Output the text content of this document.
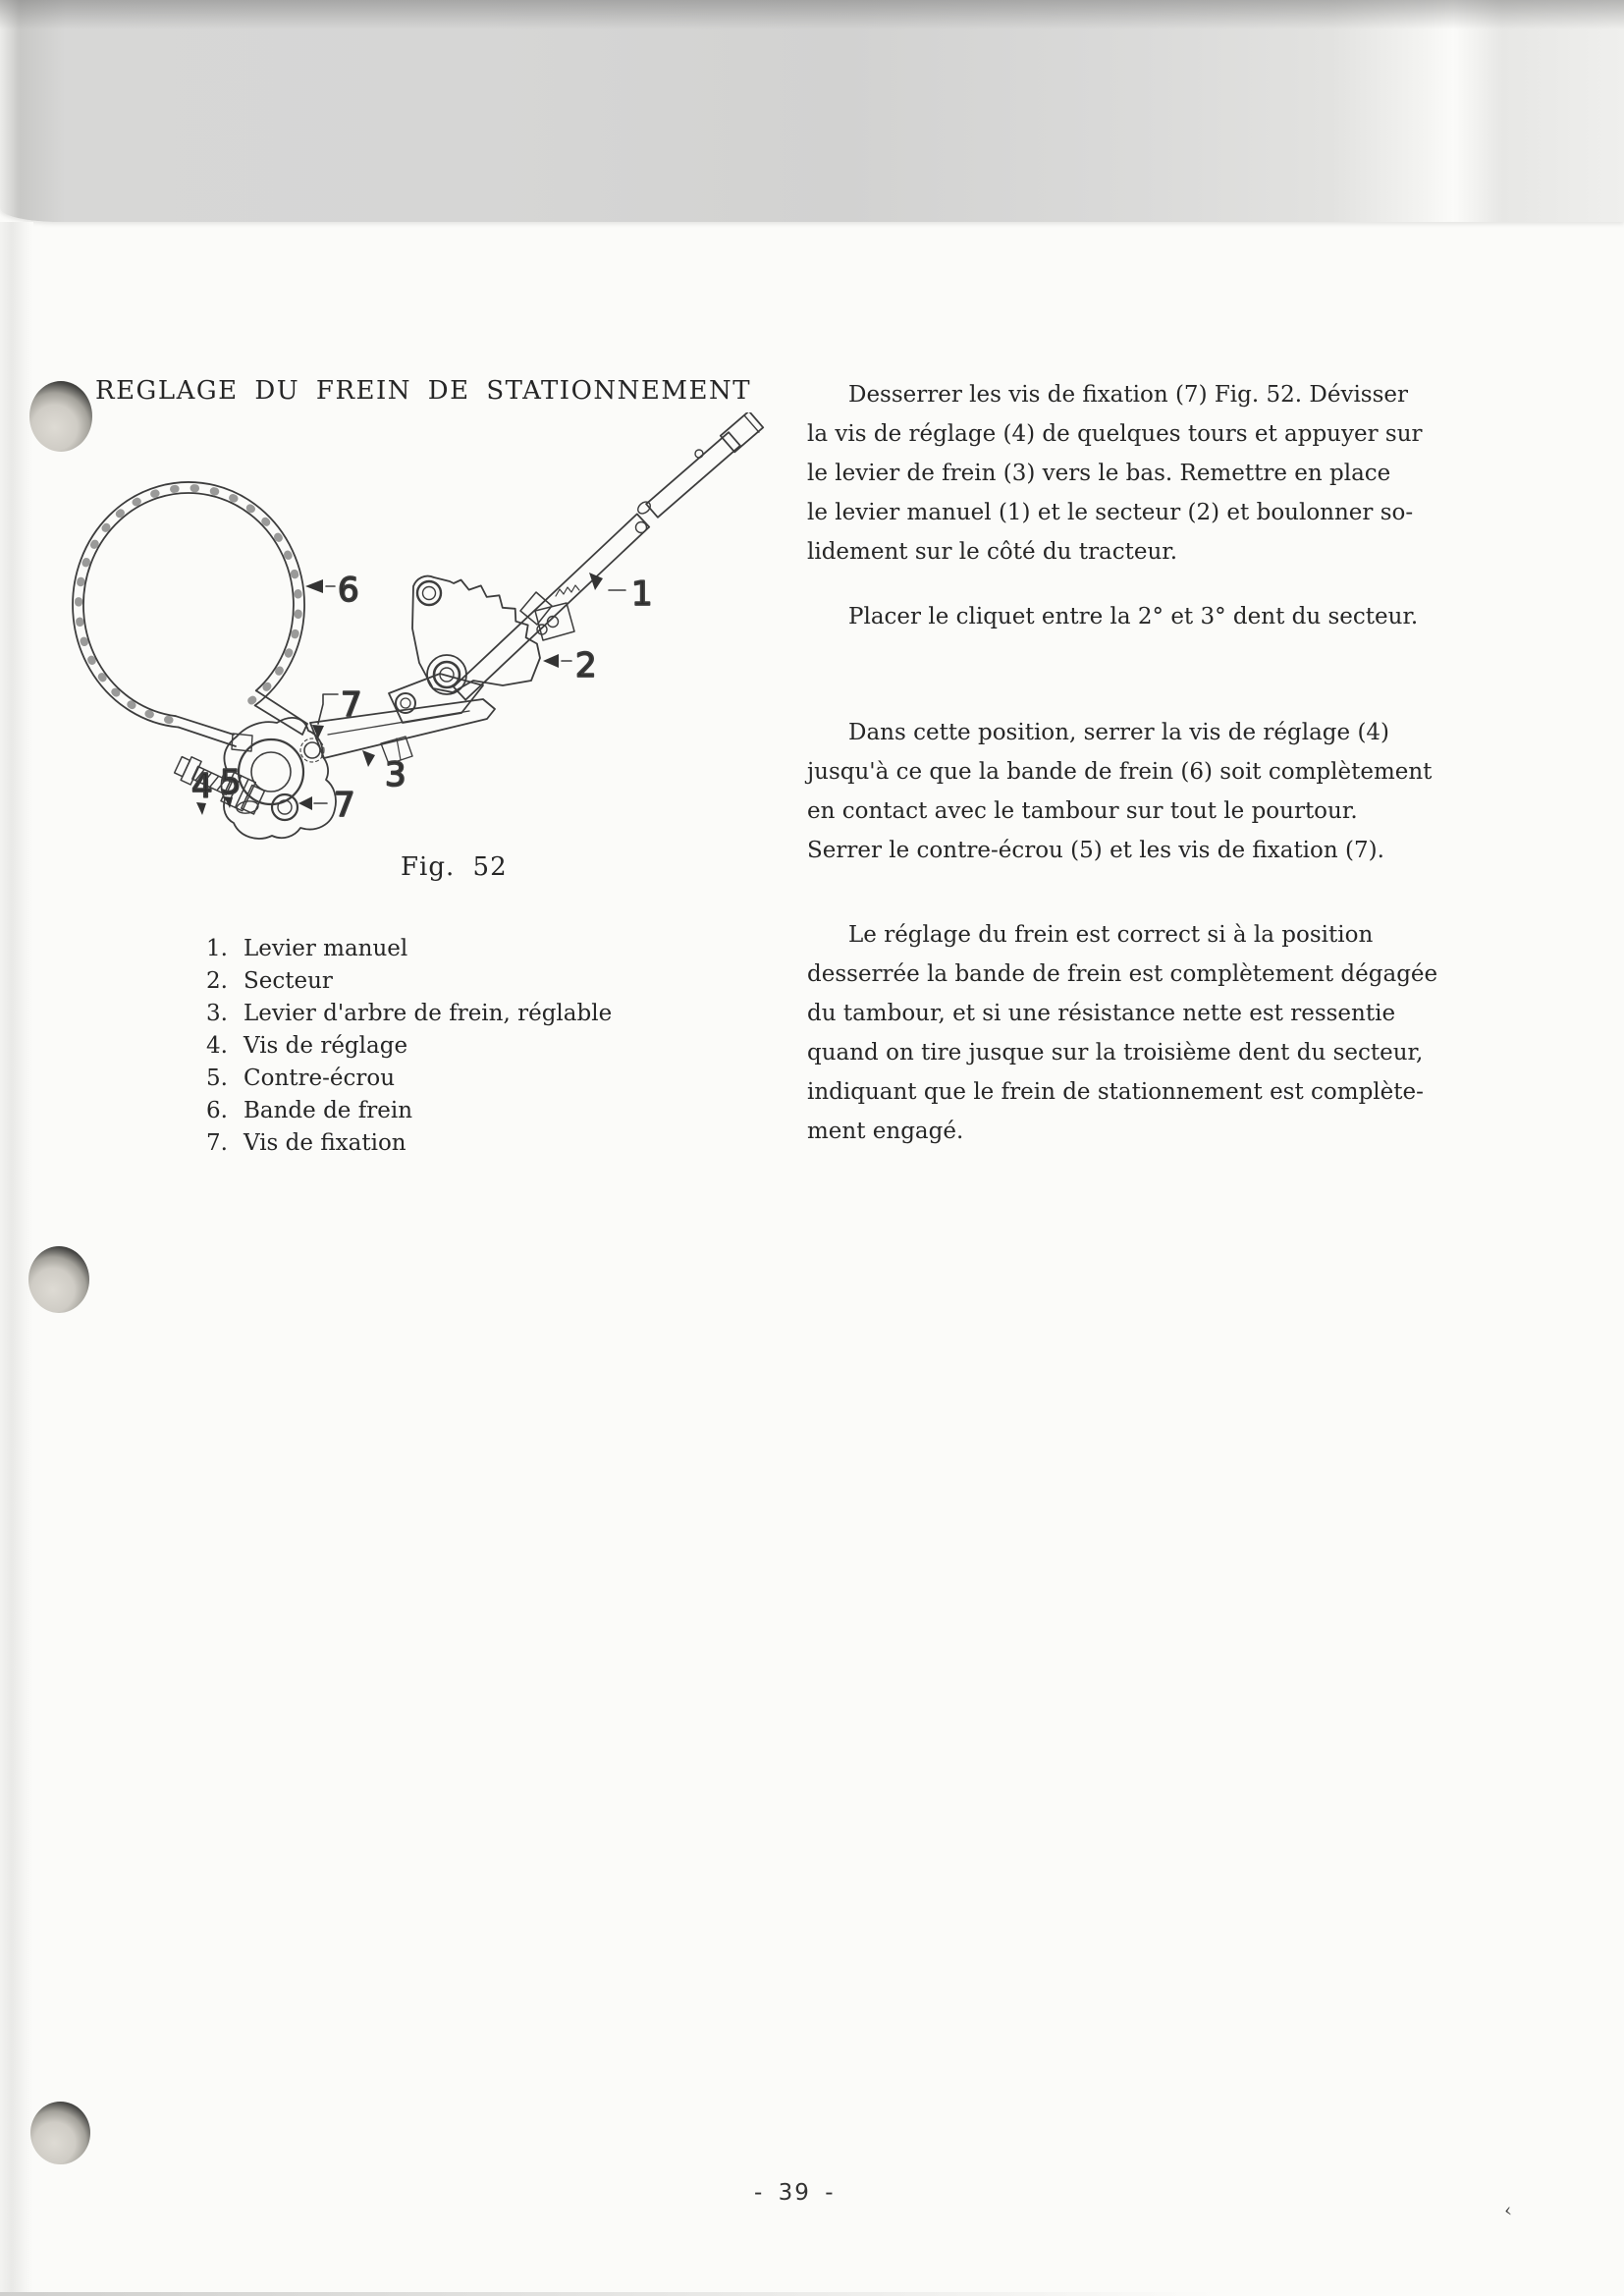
REGLAGE DU FREIN DE STATIONNEMENT
6	1
2
7
3
4 5
7
Fig. 52
1. Levier manuel
2. Secteur
3. Levier d'arbre de frein, réglable
4. Vis de réglage
5. Contre-écrou
6. Bande de frein
7. Vis de fixation
Desserrer les vis de fixation (7) Fig. 52. Dévisser
la vis de réglage (4) de quelques tours et appuyer sur
le levier de frein (3) vers le bas. Remettre en place
le levier manuel (1) et le secteur (2) et boulonner so-
lidement sur le côté du tracteur.
Placer le cliquet entre la 2° et 3° dent du secteur.
Dans cette position, serrer la vis de réglage (4)
jusqu'à ce que la bande de frein (6) soit complètement
en contact avec le tambour sur tout le pourtour.
Serrer le contre-écrou (5) et les vis de fixation (7).
Le réglage du frein est correct si à la position
desserrée la bande de frein est complètement dégagée
du tambour, et si une résistance nette est ressentie
quand on tire jusque sur la troisième dent du secteur,
indiquant que le frein de stationnement est complète-
ment engagé.
- 39 -
‹
